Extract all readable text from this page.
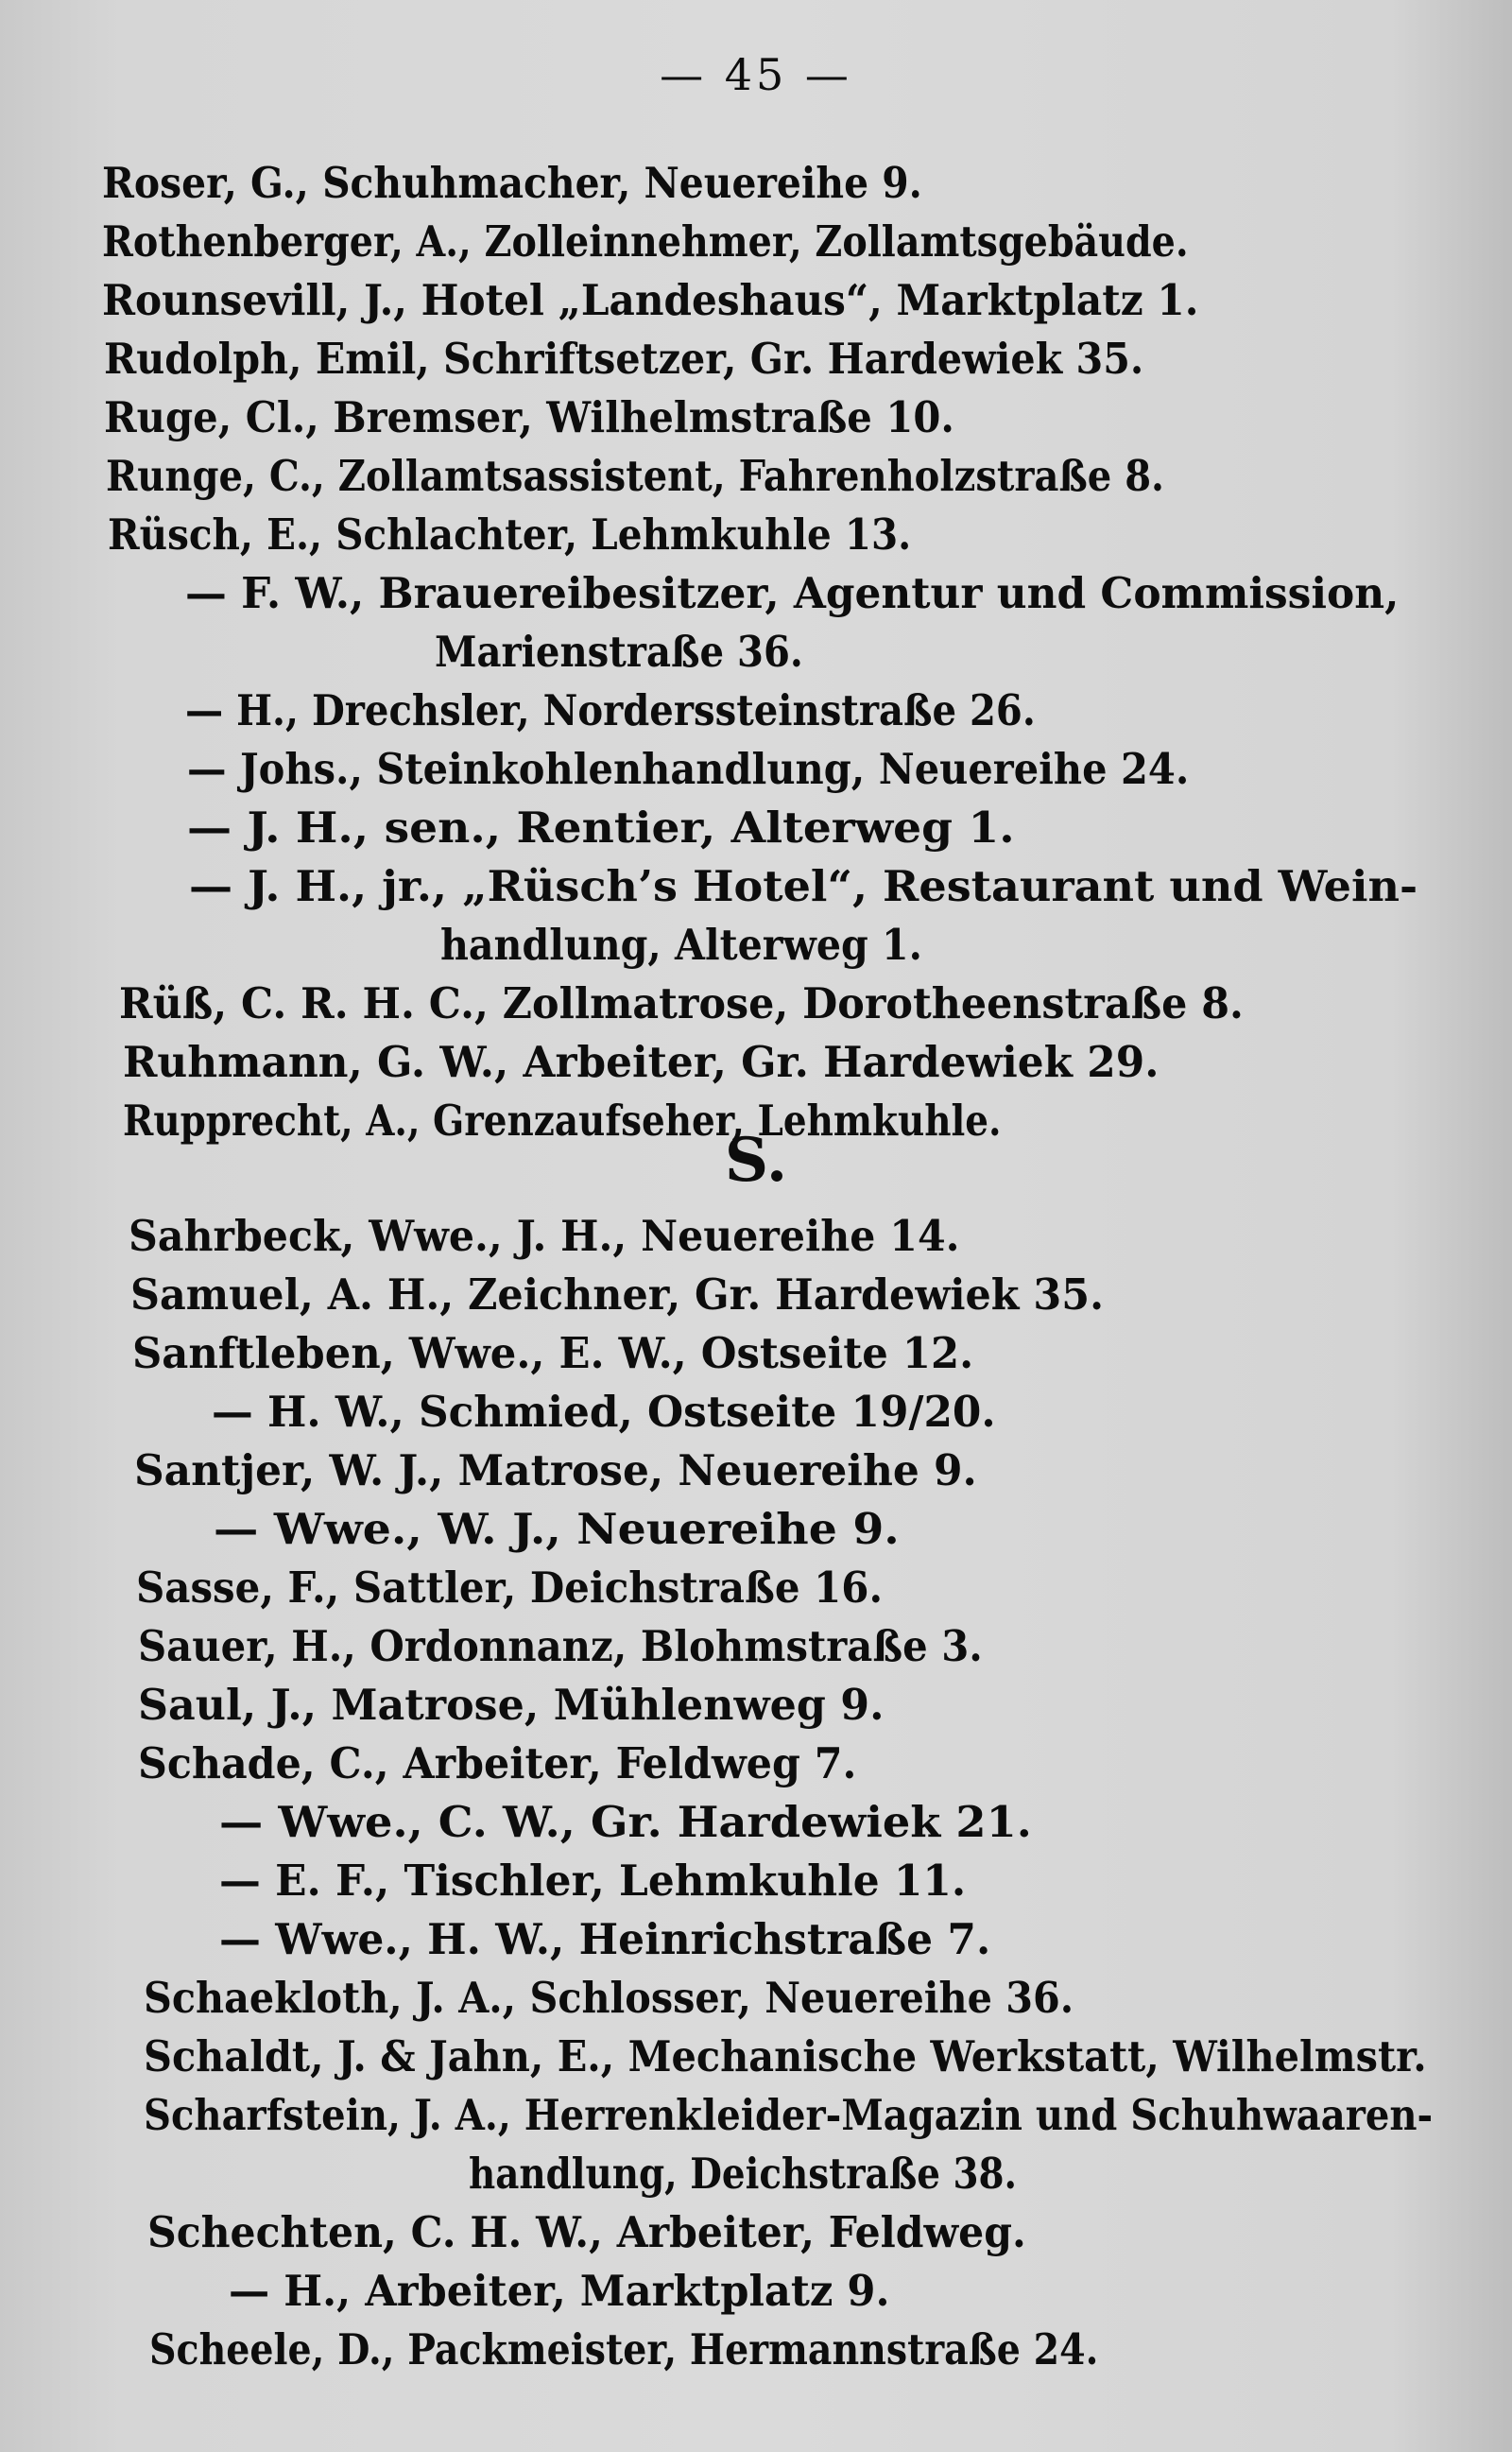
— 45 —
Roser, G., Schuhmacher, Neuereihe 9.
Rothenberger, A., Zolleinnehmer, Zollamtsgebäude.
Rounsevill, J., Hotel „Landeshaus“, Marktplatz 1.
Rudolph, Emil, Schriftsetzer, Gr. Hardewiek 35.
Ruge, Cl., Bremser, Wilhelmstraße 10.
Runge, C., Zollamtsassistent, Fahrenholzstraße 8.
Rüsch, E., Schlachter, Lehmkuhle 13.
— F. W., Brauereibesitzer, Agentur und Commission,
Marienstraße 36.
— H., Drechsler, Norderssteinstraße 26.
— Johs., Steinkohlenhandlung, Neuereihe 24.
— J. H., sen., Rentier, Alterweg 1.
— J. H., jr., „Rüsch’s Hotel“, Restaurant und Wein-
handlung, Alterweg 1.
Rüß, C. R. H. C., Zollmatrose, Dorotheenstraße 8.
Ruhmann, G. W., Arbeiter, Gr. Hardewiek 29.
Rupprecht, A., Grenzaufseher, Lehmkuhle.
S.
Sahrbeck, Wwe., J. H., Neuereihe 14.
Samuel, A. H., Zeichner, Gr. Hardewiek 35.
Sanftleben, Wwe., E. W., Ostseite 12.
— H. W., Schmied, Ostseite 19/20.
Santjer, W. J., Matrose, Neuereihe 9.
— Wwe., W. J., Neuereihe 9.
Sasse, F., Sattler, Deichstraße 16.
Sauer, H., Ordonnanz, Blohmstraße 3.
Saul, J., Matrose, Mühlenweg 9.
Schade, C., Arbeiter, Feldweg 7.
— Wwe., C. W., Gr. Hardewiek 21.
— E. F., Tischler, Lehmkuhle 11.
— Wwe., H. W., Heinrichstraße 7.
Schaekloth, J. A., Schlosser, Neuereihe 36.
Schaldt, J. & Jahn, E., Mechanische Werkstatt, Wilhelmstr.
Scharfstein, J. A., Herrenkleider-Magazin und Schuhwaaren-
handlung, Deichstraße 38.
Schechten, C. H. W., Arbeiter, Feldweg.
— H., Arbeiter, Marktplatz 9.
Scheele, D., Packmeister, Hermannstraße 24.
